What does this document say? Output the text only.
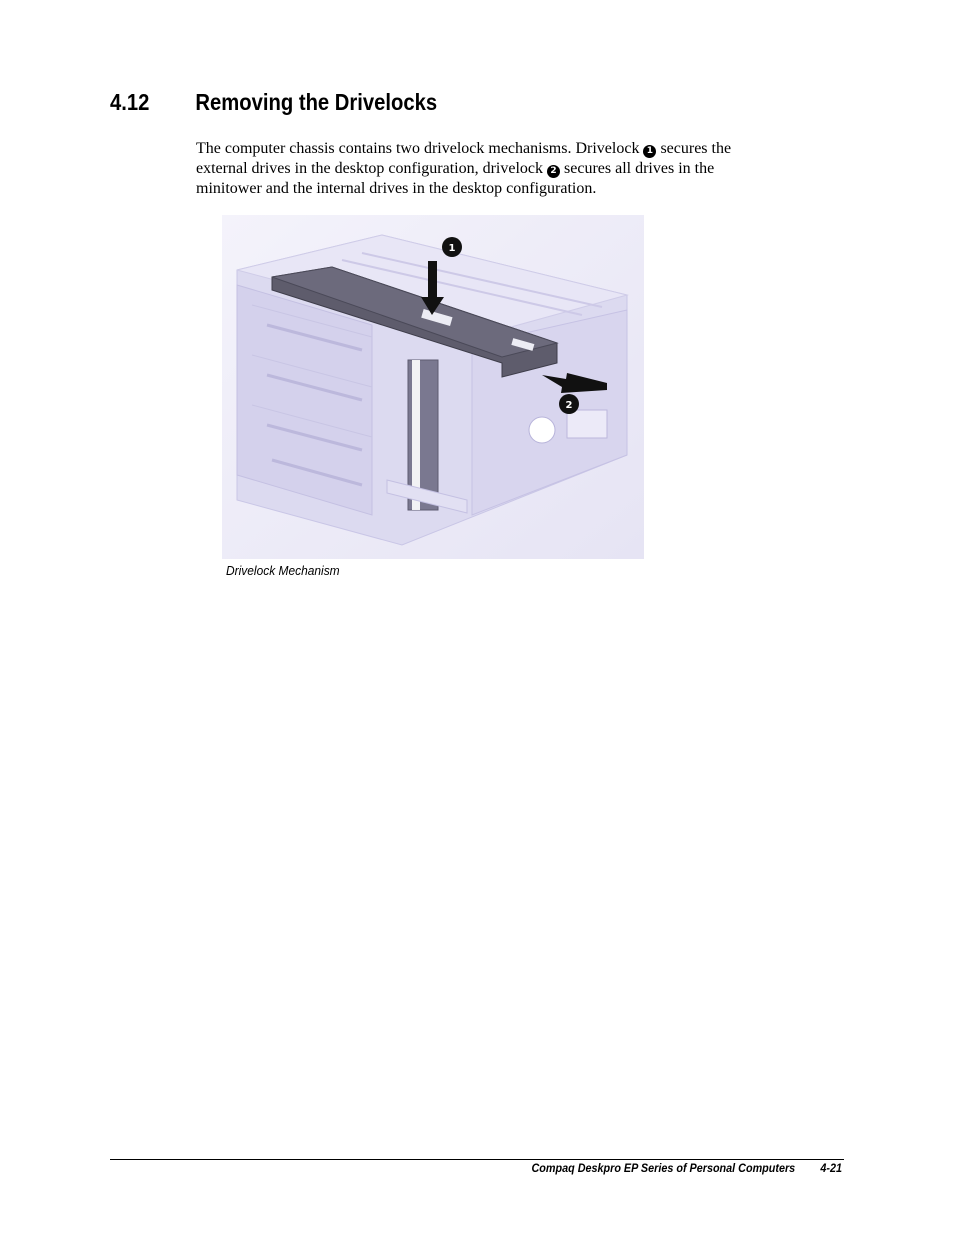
4.12 Removing the Drivelocks
The computer chassis contains two drivelock mechanisms. Drivelock 1 secures the
external drives in the desktop configuration, drivelock 2 secures all drives in the
minitower and the internal drives in the desktop configuration.
1
2
Drivelock Mechanism
Compaq Deskpro EP Series of Personal Computers 4-21
